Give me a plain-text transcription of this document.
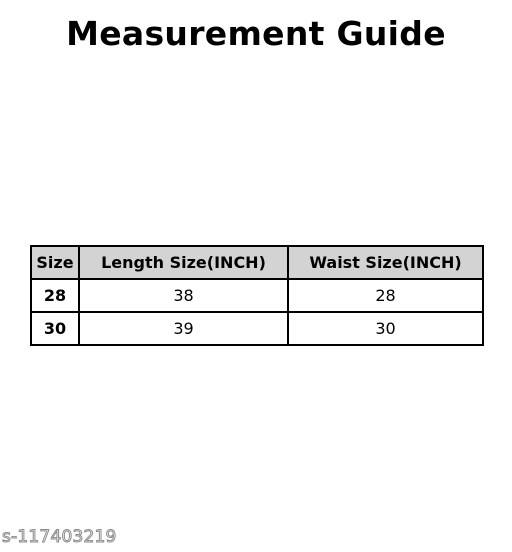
Measurement Guide
Size	Length Size(INCH)	Waist Size(INCH)
28	38	28
30	39	30
s-117403219
